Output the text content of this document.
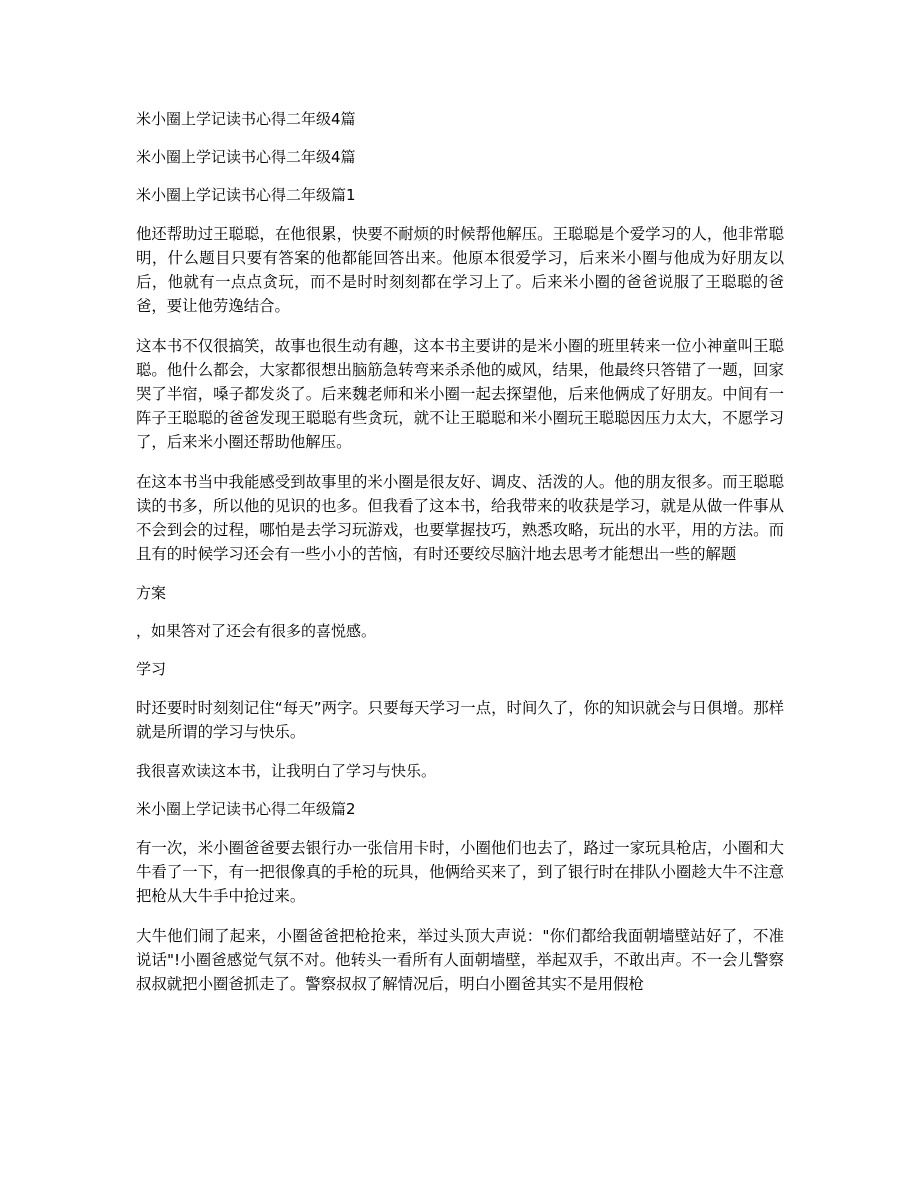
米小圈上学记读书心得二年级4篇
米小圈上学记读书心得二年级4篇
米小圈上学记读书心得二年级篇1
他还帮助过王聪聪，在他很累，快要不耐烦的时候帮他解压。王聪聪是个爱学习的人，他非常聪明，什么题目只要有答案的他都能回答出来。他原本很爱学习，后来米小圈与他成为好朋友以后，他就有一点点贪玩，而不是时时刻刻都在学习上了。后来米小圈的爸爸说服了王聪聪的爸爸，要让他劳逸结合。
这本书不仅很搞笑，故事也很生动有趣，这本书主要讲的是米小圈的班里转来一位小神童叫王聪聪。他什么都会，大家都很想出脑筋急转弯来杀杀他的威风，结果，他最终只答错了一题，回家哭了半宿，嗓子都发炎了。后来魏老师和米小圈一起去探望他，后来他俩成了好朋友。中间有一阵子王聪聪的爸爸发现王聪聪有些贪玩，就不让王聪聪和米小圈玩王聪聪因压力太大，不愿学习了，后来米小圈还帮助他解压。
在这本书当中我能感受到故事里的米小圈是很友好、调皮、活泼的人。他的朋友很多。而王聪聪读的书多，所以他的见识的也多。但我看了这本书，给我带来的收获是学习，就是从做一件事从不会到会的过程，哪怕是去学习玩游戏，也要掌握技巧，熟悉攻略，玩出的水平，用的方法。而且有的时候学习还会有一些小小的苦恼，有时还要绞尽脑汁地去思考才能想出一些的解题
方案
，如果答对了还会有很多的喜悦感。
学习
时还要时时刻刻记住“每天”两字。只要每天学习一点，时间久了，你的知识就会与日俱增。那样就是所谓的学习与快乐。
我很喜欢读这本书，让我明白了学习与快乐。
米小圈上学记读书心得二年级篇2
有一次，米小圈爸爸要去银行办一张信用卡时，小圈他们也去了，路过一家玩具枪店，小圈和大牛看了一下，有一把很像真的手枪的玩具，他俩给买来了，到了银行时在排队小圈趁大牛不注意把枪从大牛手中抢过来。
大牛他们闹了起来，小圈爸爸把枪抢来，举过头顶大声说："你们都给我面朝墙壁站好了，不准说话"!小圈爸感觉气氛不对。他转头一看所有人面朝墙壁，举起双手，不敢出声。不一会儿警察叔叔就把小圈爸抓走了。警察叔叔了解情况后，明白小圈爸其实不是用假枪
